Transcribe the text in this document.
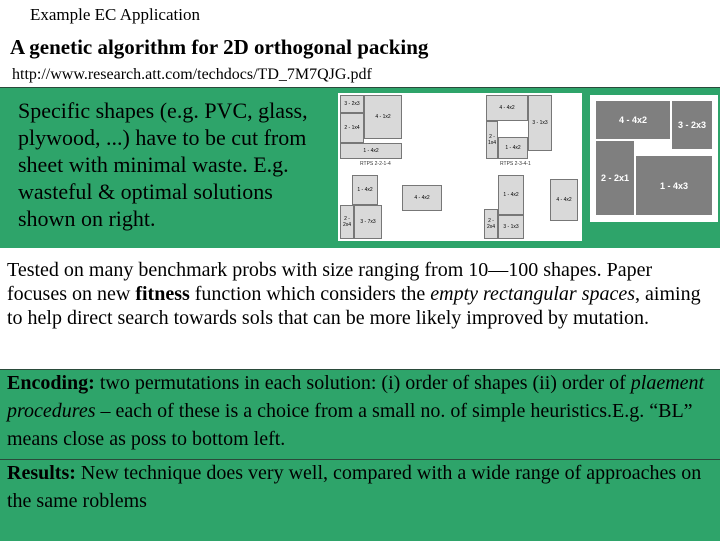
Example EC Application
A genetic algorithm for 2D orthogonal packing
http://www.research.att.com/techdocs/TD_7M7QJG.pdf
Specific shapes (e.g. PVC, glass, plywood, ...) have to be cut from sheet with minimal waste. E.g. wasteful & optimal solutions shown on right.
3 - 2x3
4 - 1x2
2 - 1x4
1 - 4x2
RTPS 2-2-1-4
4 - 4x2
3 - 1x3
2 - 1x4
1 - 4x2
RTPS 2-3-4-1
1 - 4x2
4 - 4x2
2 - 2x4	3 - 7x3
1 - 4x2
4 - 4x2
2 - 2x4	3 - 1x3
4 - 4x2	3 - 2x3
2 - 2x1
1 - 4x3
Tested on many benchmark probs with size ranging from 10—100 shapes. Paper focuses on new fitness function which considers the empty rectangular spaces, aiming to help direct search towards sols that can be more likely improved by mutation.
Encoding: two permutations in each solution: (i) order of shapes (ii) order of plaement procedures – each of these is a choice from a small no. of simple heuristics.E.g. “BL” means close as poss to bottom left.
Results: New technique does very well, compared with a wide range of approaches on the same roblems
